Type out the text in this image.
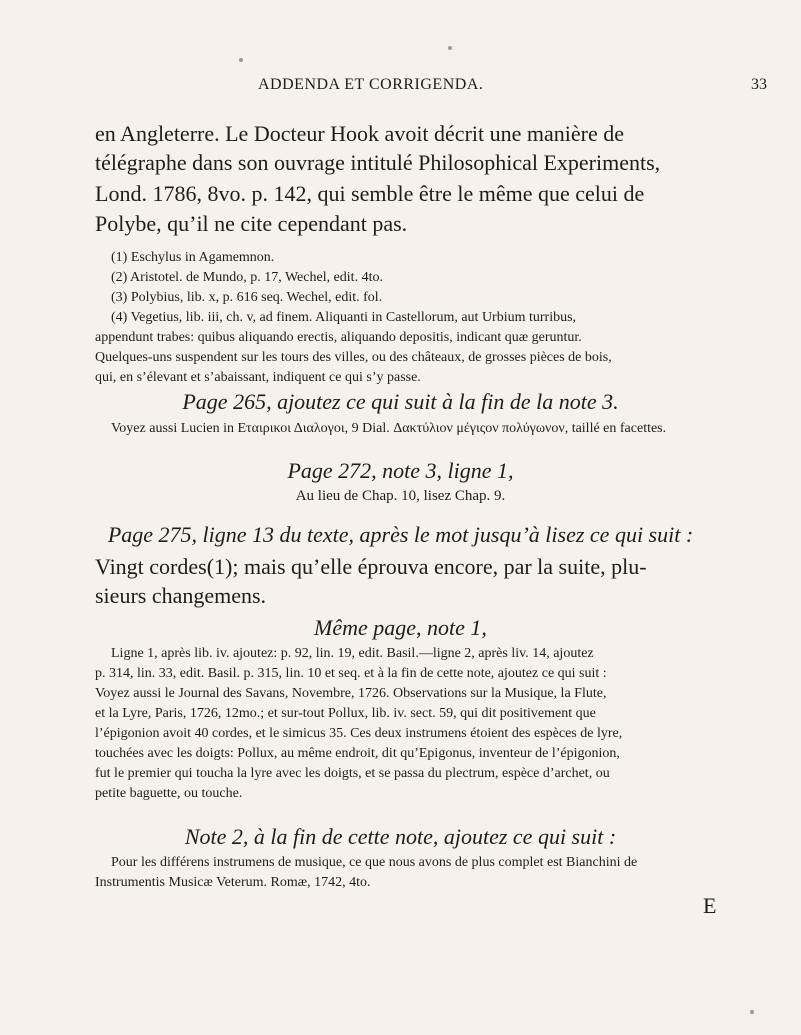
ADDENDA ET CORRIGENDA.	33
en Angleterre. Le Docteur Hook avoit décrit une manière de
télégraphe dans son ouvrage intitulé Philosophical Experiments,
Lond. 1786, 8vo. p. 142, qui semble être le même que celui de
Polybe, qu’il ne cite cependant pas.
(1) Eschylus in Agamemnon.
(2) Aristotel. de Mundo, p. 17, Wechel, edit. 4to.
(3) Polybius, lib. x, p. 616 seq. Wechel, edit. fol.
(4) Vegetius, lib. iii, ch. v, ad finem. Aliquanti in Castellorum, aut Urbium turribus,
appendunt trabes: quibus aliquando erectis, aliquando depositis, indicant quæ geruntur.
Quelques-uns suspendent sur les tours des villes, ou des châteaux, de grosses pièces de bois,
qui, en s’élevant et s’abaissant, indiquent ce qui s’y passe.
Page 265, ajoutez ce qui suit à la fin de la note 3.
Voyez aussi Lucien in Εταιρικοι Διαλογοι, 9 Dial. Δακτύλιον μέγιςον πολύγωνον, taillé en facettes.
Page 272, note 3, ligne 1,
Au lieu de Chap. 10, lisez Chap. 9.
Page 275, ligne 13 du texte, après le mot jusqu’à lisez ce qui suit :
Vingt cordes(1); mais qu’elle éprouva encore, par la suite, plu-
sieurs changemens.
Même page, note 1,
Ligne 1, après lib. iv. ajoutez: p. 92, lin. 19, edit. Basil.—ligne 2, après liv. 14, ajoutez
p. 314, lin. 33, edit. Basil. p. 315, lin. 10 et seq. et à la fin de cette note, ajoutez ce qui suit :
Voyez aussi le Journal des Savans, Novembre, 1726. Observations sur la Musique, la Flute,
et la Lyre, Paris, 1726, 12mo.; et sur-tout Pollux, lib. iv. sect. 59, qui dit positivement que
l’épigonion avoit 40 cordes, et le simicus 35. Ces deux instrumens étoient des espèces de lyre,
touchées avec les doigts: Pollux, au même endroit, dit qu’Epigonus, inventeur de l’épigonion,
fut le premier qui toucha la lyre avec les doigts, et se passa du plectrum, espèce d’archet, ou
petite baguette, ou touche.
Note 2, à la fin de cette note, ajoutez ce qui suit :
Pour les différens instrumens de musique, ce que nous avons de plus complet est Bianchini de
Instrumentis Musicæ Veterum. Romæ, 1742, 4to.
E
